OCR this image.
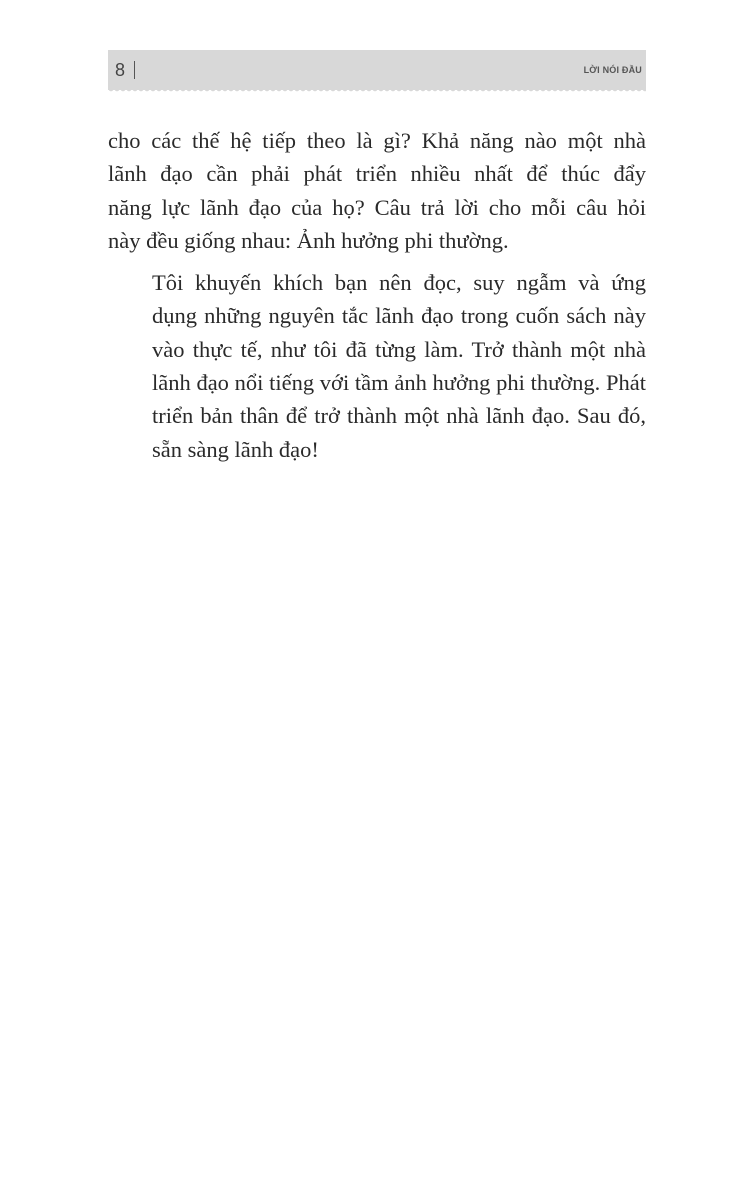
8	LỜI NÓI ĐẦU

cho các thế hệ tiếp theo là gì? Khả năng nào một nhà
lãnh đạo cần phải phát triển nhiều nhất để thúc đẩy
năng lực lãnh đạo của họ? Câu trả lời cho mỗi câu hỏi
này đều giống nhau: Ảnh hưởng phi thường.

Tôi khuyến khích bạn nên đọc, suy ngẫm và ứng
dụng những nguyên tắc lãnh đạo trong cuốn sách này
vào thực tế, như tôi đã từng làm. Trở thành một nhà
lãnh đạo nổi tiếng với tầm ảnh hưởng phi thường. Phát
triển bản thân để trở thành một nhà lãnh đạo. Sau đó,
sẵn sàng lãnh đạo!
